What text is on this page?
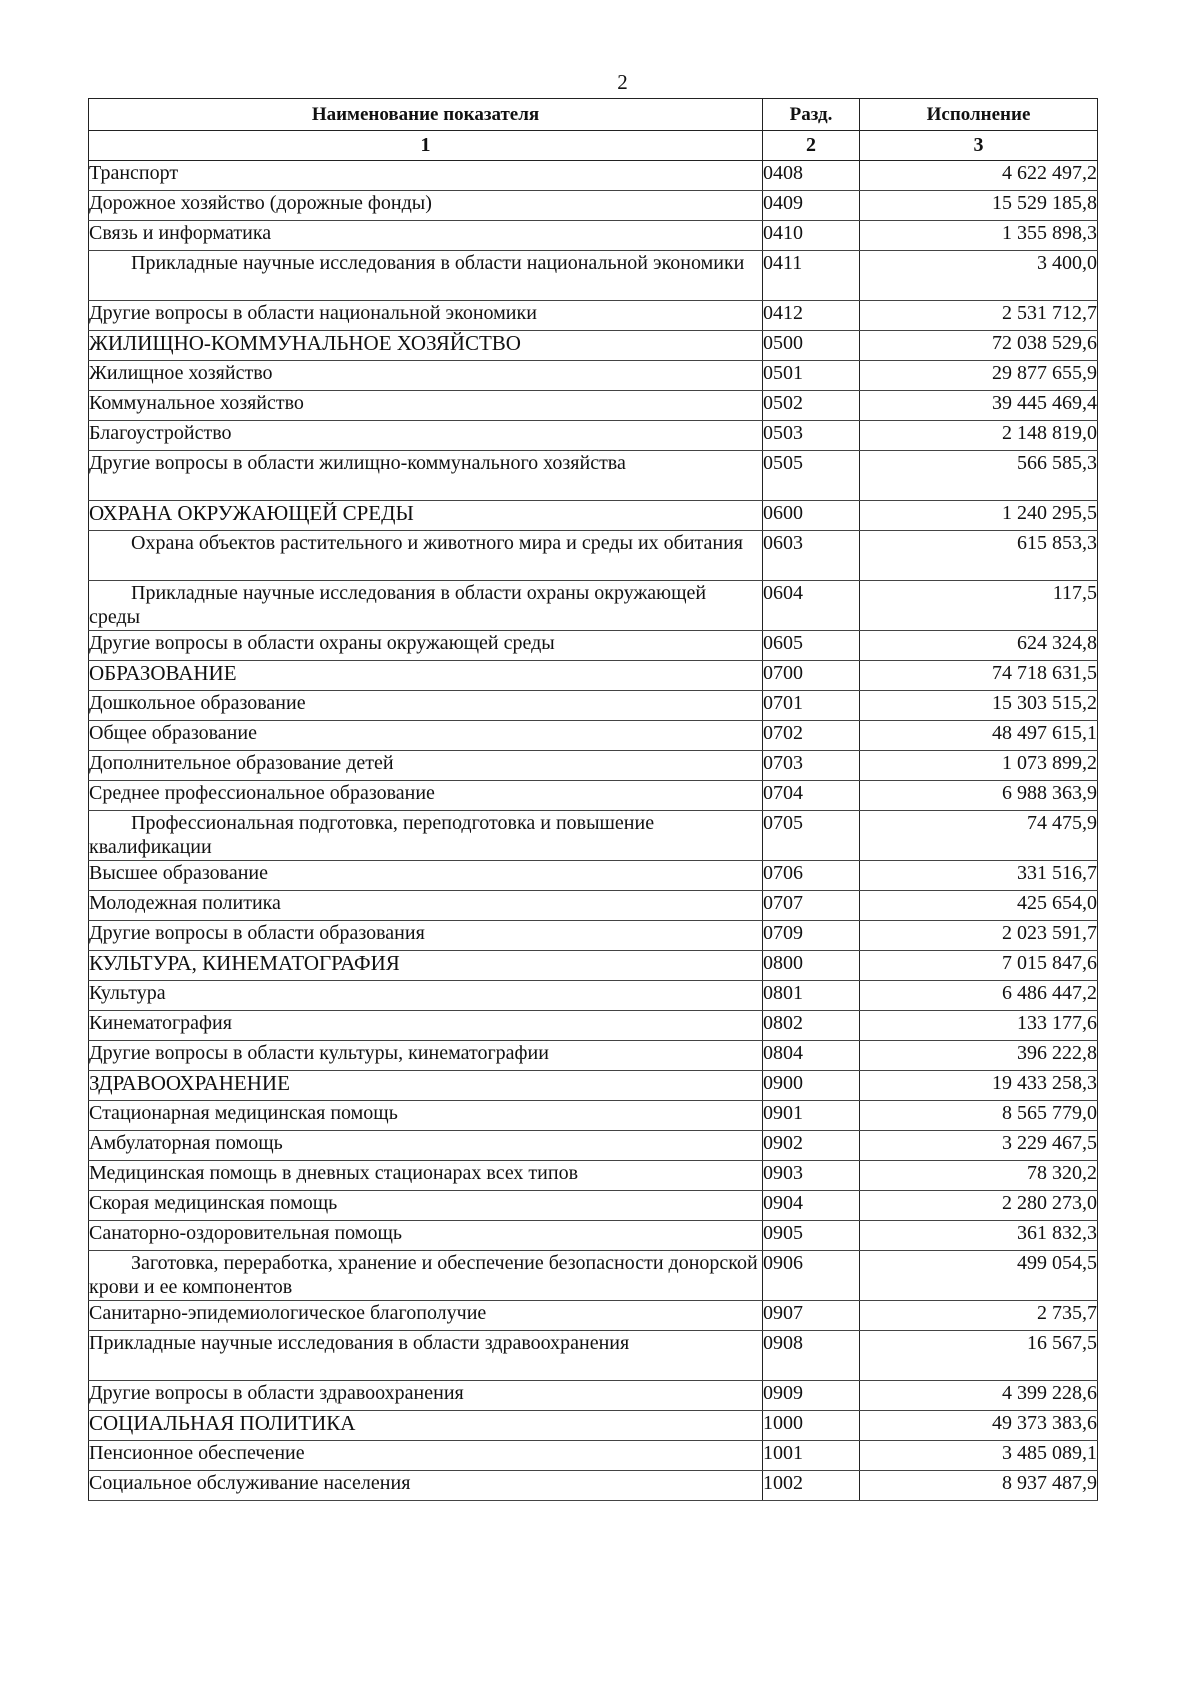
2
Наименование показателя	Разд.	Исполнение
1	2	3
Транспорт	0408	4 622 497,2
Дорожное хозяйство (дорожные фонды)	0409	15 529 185,8
Связь и информатика	0410	1 355 898,3
Прикладные научные исследования в области национальной экономики	0411	3 400,0
Другие вопросы в области национальной экономики	0412	2 531 712,7
ЖИЛИЩНО-КОММУНАЛЬНОЕ ХОЗЯЙСТВО	0500	72 038 529,6
Жилищное хозяйство	0501	29 877 655,9
Коммунальное хозяйство	0502	39 445 469,4
Благоустройство	0503	2 148 819,0
Другие вопросы в области жилищно-коммунального хозяйства	0505	566 585,3
ОХРАНА ОКРУЖАЮЩЕЙ СРЕДЫ	0600	1 240 295,5
Охрана объектов растительного и животного мира и среды их обитания	0603	615 853,3
Прикладные научные исследования в области охраны окружающей среды	0604	117,5
Другие вопросы в области охраны окружающей среды	0605	624 324,8
ОБРАЗОВАНИЕ	0700	74 718 631,5
Дошкольное образование	0701	15 303 515,2
Общее образование	0702	48 497 615,1
Дополнительное образование детей	0703	1 073 899,2
Среднее профессиональное образование	0704	6 988 363,9
Профессиональная подготовка, переподготовка и повышение квалификации	0705	74 475,9
Высшее образование	0706	331 516,7
Молодежная политика	0707	425 654,0
Другие вопросы в области образования	0709	2 023 591,7
КУЛЬТУРА, КИНЕМАТОГРАФИЯ	0800	7 015 847,6
Культура	0801	6 486 447,2
Кинематография	0802	133 177,6
Другие вопросы в области культуры, кинематографии	0804	396 222,8
ЗДРАВООХРАНЕНИЕ	0900	19 433 258,3
Стационарная медицинская помощь	0901	8 565 779,0
Амбулаторная помощь	0902	3 229 467,5
Медицинская помощь в дневных стационарах всех типов	0903	78 320,2
Скорая медицинская помощь	0904	2 280 273,0
Санаторно-оздоровительная помощь	0905	361 832,3
Заготовка, переработка, хранение и обеспечение безопасности донорской крови и ее компонентов	0906	499 054,5
Санитарно-эпидемиологическое благополучие	0907	2 735,7
Прикладные научные исследования в области здравоохранения	0908	16 567,5
Другие вопросы в области здравоохранения	0909	4 399 228,6
СОЦИАЛЬНАЯ ПОЛИТИКА	1000	49 373 383,6
Пенсионное обеспечение	1001	3 485 089,1
Социальное обслуживание населения	1002	8 937 487,9
